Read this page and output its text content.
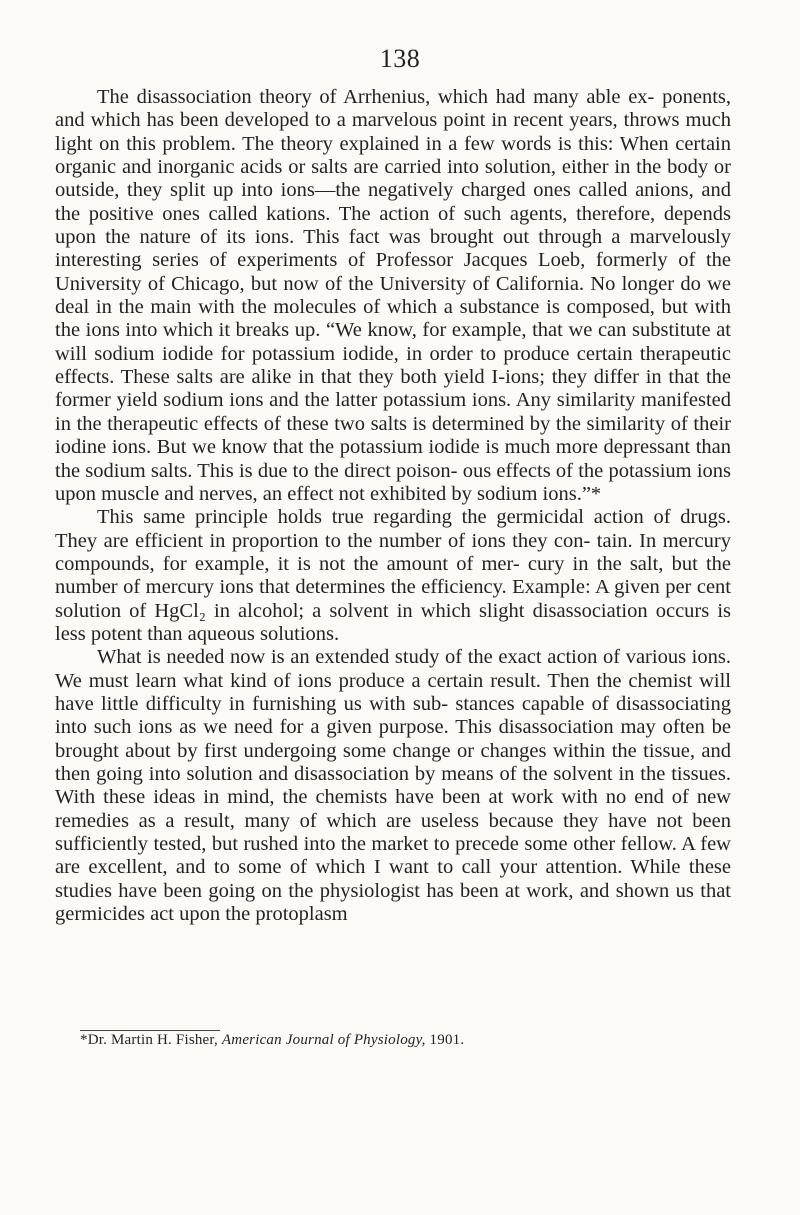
138

The disassociation theory of Arrhenius, which had many able ex- ponents, and which has been developed to a marvelous point in recent years, throws much light on this problem. The theory explained in a few words is this: When certain organic and inorganic acids or salts are carried into solution, either in the body or outside, they split up into ions—the negatively charged ones called anions, and the positive ones called kations. The action of such agents, therefore, depends upon the nature of its ions. This fact was brought out through a marvelously interesting series of experiments of Professor Jacques Loeb, formerly of the University of Chicago, but now of the University of California. No longer do we deal in the main with the molecules of which a substance is composed, but with the ions into which it breaks up. “We know, for example, that we can substitute at will sodium iodide for potassium iodide, in order to produce certain therapeutic effects. These salts are alike in that they both yield I-ions; they differ in that the former yield sodium ions and the latter potassium ions. Any similarity manifested in the therapeutic effects of these two salts is determined by the similarity of their iodine ions. But we know that the potassium iodide is much more depressant than the sodium salts. This is due to the direct poison- ous effects of the potassium ions upon muscle and nerves, an effect not exhibited by sodium ions.”*

This same principle holds true regarding the germicidal action of drugs. They are efficient in proportion to the number of ions they con- tain. In mercury compounds, for example, it is not the amount of mer- cury in the salt, but the number of mercury ions that determines the efficiency. Example: A given per cent solution of HgCl₂ in alcohol; a solvent in which slight disassociation occurs is less potent than aqueous solutions.

What is needed now is an extended study of the exact action of various ions. We must learn what kind of ions produce a certain result. Then the chemist will have little difficulty in furnishing us with sub- stances capable of disassociating into such ions as we need for a given purpose. This disassociation may often be brought about by first undergoing some change or changes within the tissue, and then going into solution and disassociation by means of the solvent in the tissues. With these ideas in mind, the chemists have been at work with no end of new remedies as a result, many of which are useless because they have not been sufficiently tested, but rushed into the market to precede some other fellow. A few are excellent, and to some of which I want to call your attention. While these studies have been going on the physiologist has been at work, and shown us that germicides act upon the protoplasm

*Dr. Martin H. Fisher, American Journal of Physiology, 1901.
